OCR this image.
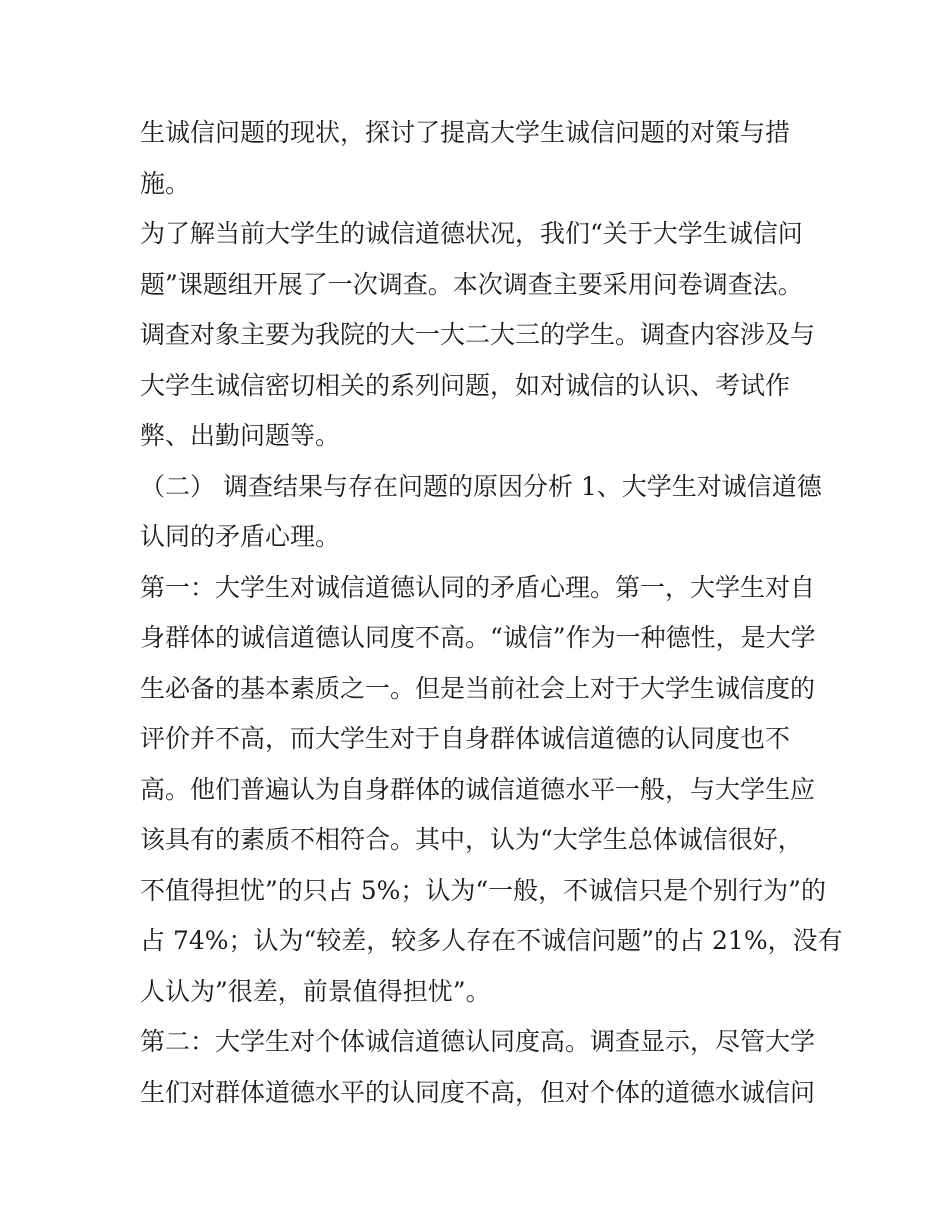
生诚信问题的现状，探讨了提高大学生诚信问题的对策与措
施。
为了解当前大学生的诚信道德状况，我们“关于大学生诚信问
题”课题组开展了一次调查。本次调查主要采用问卷调查法。
调查对象主要为我院的大一大二大三的学生。调查内容涉及与
大学生诚信密切相关的系列问题，如对诚信的认识、考试作
弊、出勤问题等。
（二） 调查结果与存在问题的原因分析 1、大学生对诚信道德
认同的矛盾心理。
第一：大学生对诚信道德认同的矛盾心理。第一，大学生对自
身群体的诚信道德认同度不高。“诚信”作为一种德性，是大学
生必备的基本素质之一。但是当前社会上对于大学生诚信度的
评价并不高，而大学生对于自身群体诚信道德的认同度也不
高。他们普遍认为自身群体的诚信道德水平一般，与大学生应
该具有的素质不相符合。其中，认为“大学生总体诚信很好，
不值得担忧”的只占 5%；认为“一般，不诚信只是个别行为”的
占 74%；认为“较差，较多人存在不诚信问题”的占 21%，没有
人认为”很差，前景值得担忧”。
第二：大学生对个体诚信道德认同度高。调查显示，尽管大学
生们对群体道德水平的认同度不高，但对个体的道德水诚信问
